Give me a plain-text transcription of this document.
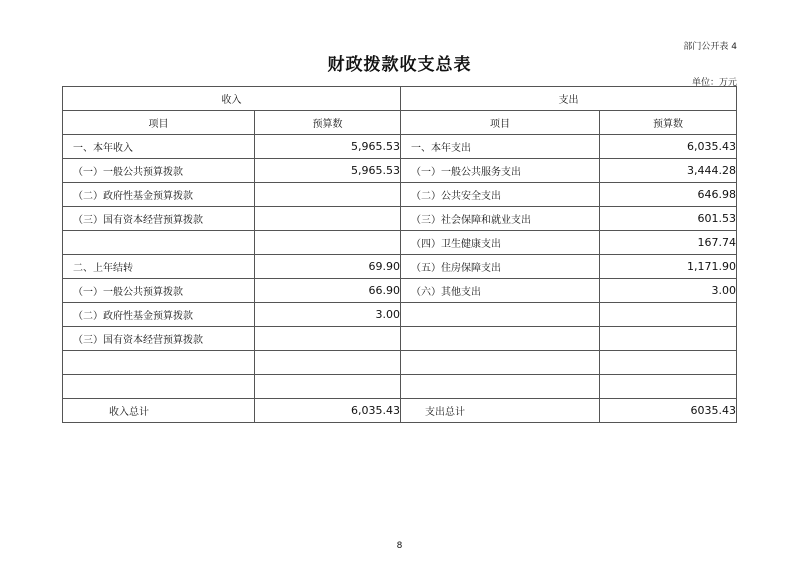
部门公开表 4
财政拨款收支总表
单位：万元
收入		支出	
项目	预算数	项目	预算数
一、本年收入	5,965.53	一、本年支出	6,035.43
（一）一般公共预算拨款	5,965.53	（一）一般公共服务支出	3,444.28
（二）政府性基金预算拨款		（二）公共安全支出	646.98
（三）国有资本经营预算拨款		（三）社会保障和就业支出	601.53
		（四）卫生健康支出	167.74
二、上年结转	69.90	（五）住房保障支出	1,171.90
（一）一般公共预算拨款	66.90	（六）其他支出	3.00
（二）政府性基金预算拨款	3.00		
（三）国有资本经营预算拨款			

收入总计	6,035.43	支出总计	6035.43
8
